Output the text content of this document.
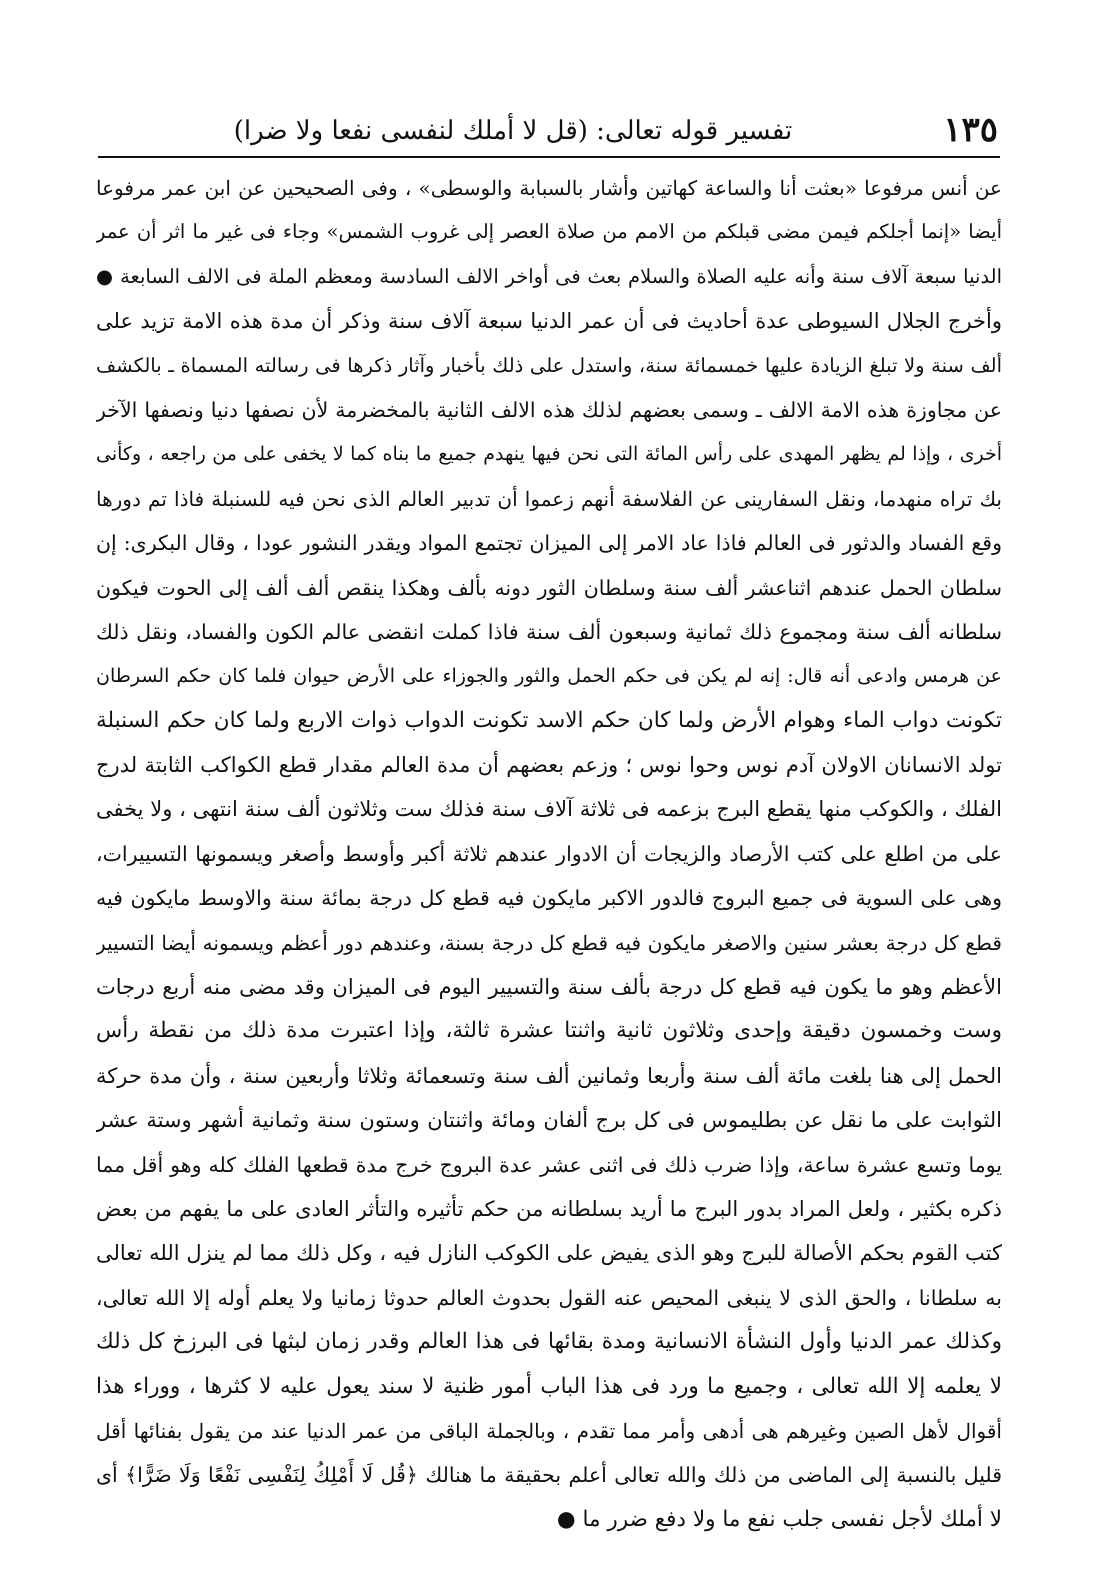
١٣٥
تفسير قوله تعالى: (قل لا أملك لنفسى نفعا ولا ضرا)
عن أنس مرفوعا «بعثت أنا والساعة كهاتين وأشار بالسبابة والوسطى» ، وفى الصحيحين عن ابن عمر مرفوعا
أيضا «إنما أجلكم فيمن مضى قبلكم من الامم من صلاة العصر إلى غروب الشمس» وجاء فى غير ما اثر أن عمر
الدنيا سبعة آلاف سنة وأنه عليه الصلاة والسلام بعث فى أواخر الالف السادسة ومعظم الملة فى الالف السابعة ●
وأخرج الجلال السيوطى عدة أحاديث فى أن عمر الدنيا سبعة آلاف سنة وذكر أن مدة هذه الامة تزيد على
ألف سنة ولا تبلغ الزيادة عليها خمسمائة سنة، واستدل على ذلك بأخبار وآثار ذكرها فى رسالته المسماة ـ بالكشف
عن مجاوزة هذه الامة الالف ـ وسمى بعضهم لذلك هذه الالف الثانية بالمخضرمة لأن نصفها دنيا ونصفها الآخر
أخرى ، وإذا لم يظهر المهدى على رأس المائة التى نحن فيها ينهدم جميع ما بناه كما لا يخفى على من راجعه ، وكأنى
بك تراه منهدما، ونقل السفارينى عن الفلاسفة أنهم زعموا أن تدبير العالم الذى نحن فيه للسنبلة فاذا تم دورها
وقع الفساد والدثور فى العالم فاذا عاد الامر إلى الميزان تجتمع المواد ويقدر النشور عودا ، وقال البكرى: إن
سلطان الحمل عندهم اثناعشر ألف سنة وسلطان الثور دونه بألف وهكذا ينقص ألف ألف إلى الحوت فيكون
سلطانه ألف سنة ومجموع ذلك ثمانية وسبعون ألف سنة فاذا كملت انقضى عالم الكون والفساد، ونقل ذلك
عن هرمس وادعى أنه قال: إنه لم يكن فى حكم الحمل والثور والجوزاء على الأرض حيوان فلما كان حكم السرطان
تكونت دواب الماء وهوام الأرض ولما كان حكم الاسد تكونت الدواب ذوات الاربع ولما كان حكم السنبلة
تولد الانسانان الاولان آدم نوس وحوا نوس ؛ وزعم بعضهم أن مدة العالم مقدار قطع الكواكب الثابتة لدرج
الفلك ، والكوكب منها يقطع البرج بزعمه فى ثلاثة آلاف سنة فذلك ست وثلاثون ألف سنة انتهى ، ولا يخفى
على من اطلع على كتب الأرصاد والزيجات أن الادوار عندهم ثلاثة أكبر وأوسط وأصغر ويسمونها التسييرات،
وهى على السوية فى جميع البروج فالدور الاكبر مايكون فيه قطع كل درجة بمائة سنة والاوسط مايكون فيه
قطع كل درجة بعشر سنين والاصغر مايكون فيه قطع كل درجة بسنة، وعندهم دور أعظم ويسمونه أيضا التسيير
الأعظم وهو ما يكون فيه قطع كل درجة بألف سنة والتسيير اليوم فى الميزان وقد مضى منه أربع درجات
وست وخمسون دقيقة وإحدى وثلاثون ثانية واثنتا عشرة ثالثة، وإذا اعتبرت مدة ذلك من نقطة رأس
الحمل إلى هنا بلغت مائة ألف سنة وأربعا وثمانين ألف سنة وتسعمائة وثلاثا وأربعين سنة ، وأن مدة حركة
الثوابت على ما نقل عن بطليموس فى كل برج ألفان ومائة واثنتان وستون سنة وثمانية أشهر وستة عشر
يوما وتسع عشرة ساعة، وإذا ضرب ذلك فى اثنى عشر عدة البروج خرج مدة قطعها الفلك كله وهو أقل مما
ذكره بكثير ، ولعل المراد بدور البرج ما أريد بسلطانه من حكم تأثيره والتأثر العادى على ما يفهم من بعض
كتب القوم بحكم الأصالة للبرج وهو الذى يفيض على الكوكب النازل فيه ، وكل ذلك مما لم ينزل الله تعالى
به سلطانا ، والحق الذى لا ينبغى المحيص عنه القول بحدوث العالم حدوثا زمانيا ولا يعلم أوله إلا الله تعالى،
وكذلك عمر الدنيا وأول النشأة الانسانية ومدة بقائها فى هذا العالم وقدر زمان لبثها فى البرزخ كل ذلك
لا يعلمه إلا الله تعالى ، وجميع ما ورد فى هذا الباب أمور ظنية لا سند يعول عليه لا كثرها ، ووراء هذا
أقوال لأهل الصين وغيرهم هى أدهى وأمر مما تقدم ، وبالجملة الباقى من عمر الدنيا عند من يقول بفنائها أقل
قليل بالنسبة إلى الماضى من ذلك والله تعالى أعلم بحقيقة ما هنالك ﴿قُل لَا أَمْلِكُ لِنَفْسِى نَفْعًا وَلَا ضَرًّا﴾ أى
لا أملك لأجل نفسى جلب نفع ما ولا دفع ضرر ما ●
